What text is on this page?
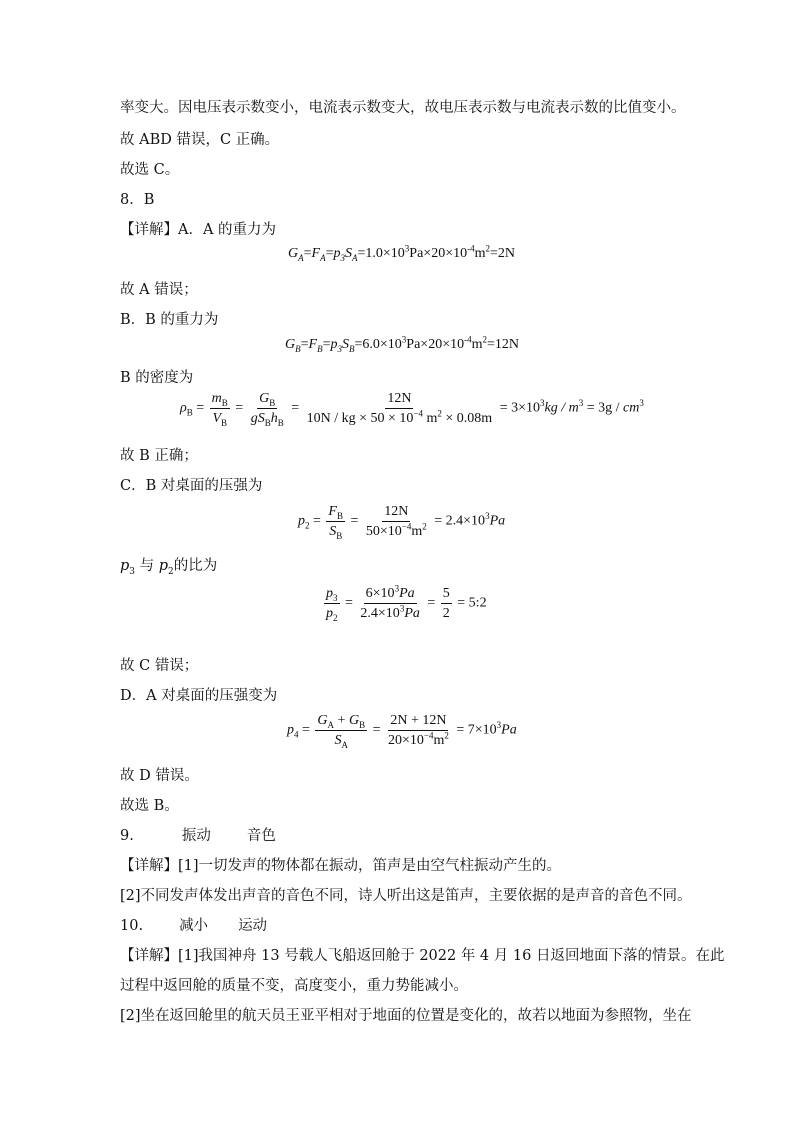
率变大。因电压表示数变小，电流表示数变大，故电压表示数与电流表示数的比值变小。
故 ABD 错误，C 正确。
故选 C。
8．B
【详解】A．A 的重力为
$G_A=F_A=p_3S_A=1.0\times 10^3Pa\times 20\times 10^{-4}m^2=2N$
故 A 错误；
B．B 的重力为
$G_B=F_B=p_3S_B=6.0\times 10^3Pa\times 20\times 10^{-4}m^2=12N$
B 的密度为
$\rho_B = \frac{m_B}{V_B} = \frac{G_B}{gS_Bh_B} = \frac{12N}{10N / kg \times 50 \times 10^{-4} m^2 \times 0.08m} = 3\times 10^3kg / m^3 = 3g / cm^3$
故 B 正确；
C．B 对桌面的压强为
$p_2 = \frac{F_B}{S_B} = \frac{12N}{50\times 10^{-4}m^2} = 2.4\times 10^3Pa$
$p_3$ 与 $p_2$的比为
$\frac{p_3}{p_2} = \frac{6\times 10^3Pa}{2.4\times 10^3Pa} = \frac{5}{2}$ = 5:2
故 C 错误；
D．A 对桌面的压强变为
$p_4 = \frac{G_A + G_B}{S_A} = \frac{2N + 12N}{20\times 10^{-4}m^2} = 7\times 10^3Pa$
故 D 错误。
故选 B。
9.	振动 音色
【详解】[1]一切发声的物体都在振动，笛声是由空气柱振动产生的。
[2]不同发声体发出声音的音色不同，诗人听出这是笛声，主要依据的是声音的音色不同。
10. 减小 运动
【详解】[1]我国神舟 13 号载人飞船返回舱于 2022 年 4 月 16 日返回地面下落的情景。在此
过程中返回舱的质量不变，高度变小，重力势能减小。
[2]坐在返回舱里的航天员王亚平相对于地面的位置是变化的，故若以地面为参照物，坐在
